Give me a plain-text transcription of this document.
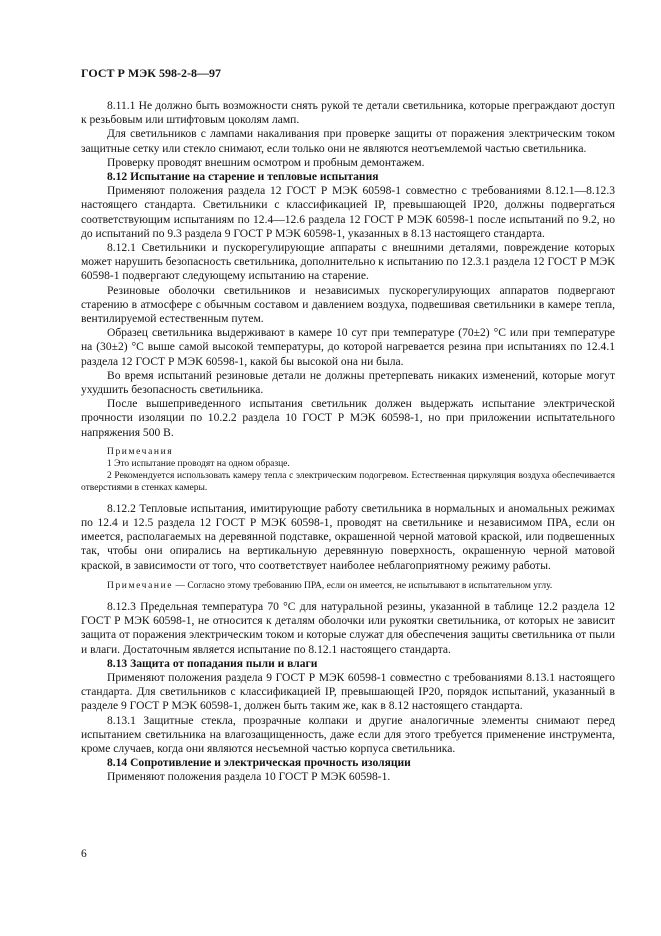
ГОСТ Р МЭК 598-2-8—97

8.11.1 Не должно быть возможности снять рукой те детали светильника, которые преграждают доступ к резьбовым или штифтовым цоколям ламп.

Для светильников с лампами накаливания при проверке защиты от поражения электрическим током защитные сетку или стекло снимают, если только они не являются неотъемлемой частью светильника.

Проверку проводят внешним осмотром и пробным демонтажем.

8.12 Испытание на старение и тепловые испытания

Применяют положения раздела 12 ГОСТ Р МЭК 60598-1 совместно с требованиями 8.12.1—8.12.3 настоящего стандарта. Светильники с классификацией IP, превышающей IP20, должны подвергаться соответствующим испытаниям по 12.4—12.6 раздела 12 ГОСТ Р МЭК 60598-1 после испытаний по 9.2, но до испытаний по 9.3 раздела 9 ГОСТ Р МЭК 60598-1, указанных в 8.13 настоящего стандарта.

8.12.1 Светильники и пускорегулирующие аппараты с внешними деталями, повреждение которых может нарушить безопасность светильника, дополнительно к испытанию по 12.3.1 раздела 12 ГОСТ Р МЭК 60598-1 подвергают следующему испытанию на старение.

Резиновые оболочки светильников и независимых пускорегулирующих аппаратов подвергают старению в атмосфере с обычным составом и давлением воздуха, подвешивая светильники в камере тепла, вентилируемой естественным путем.

Образец светильника выдерживают в камере 10 сут при температуре (70±2) °С или при температуре на (30±2) °С выше самой высокой температуры, до которой нагревается резина при испытаниях по 12.4.1 раздела 12 ГОСТ Р МЭК 60598-1, какой бы высокой она ни была.

Во время испытаний резиновые детали не должны претерпевать никаких изменений, которые могут ухудшить безопасность светильника.

После вышеприведенного испытания светильник должен выдержать испытание электрической прочности изоляции по 10.2.2 раздела 10 ГОСТ Р МЭК 60598-1, но при приложении испытательного напряжения 500 В.

Примечания

1 Это испытание проводят на одном образце.

2 Рекомендуется использовать камеру тепла с электрическим подогревом. Естественная циркуляция воздуха обеспечивается отверстиями в стенках камеры.

8.12.2 Тепловые испытания, имитирующие работу светильника в нормальных и аномальных режимах по 12.4 и 12.5 раздела 12 ГОСТ Р МЭК 60598-1, проводят на светильнике и независимом ПРА, если он имеется, располагаемых на деревянной подставке, окрашенной черной матовой краской, или подвешенных так, чтобы они опирались на вертикальную деревянную поверхность, окрашенную черной матовой краской, в зависимости от того, что соответствует наиболее неблагоприятному режиму работы.

Примечание — Согласно этому требованию ПРА, если он имеется, не испытывают в испытательном углу.

8.12.3 Предельная температура 70 °С для натуральной резины, указанной в таблице 12.2 раздела 12 ГОСТ Р МЭК 60598-1, не относится к деталям оболочки или рукоятки светильника, от которых не зависит защита от поражения электрическим током и которые служат для обеспечения защиты светильника от пыли и влаги. Достаточным является испытание по 8.12.1 настоящего стандарта.

8.13 Защита от попадания пыли и влаги

Применяют положения раздела 9 ГОСТ Р МЭК 60598-1 совместно с требованиями 8.13.1 настоящего стандарта. Для светильников с классификацией IP, превышающей IP20, порядок испытаний, указанный в разделе 9 ГОСТ Р МЭК 60598-1, должен быть таким же, как в 8.12 настоящего стандарта.

8.13.1 Защитные стекла, прозрачные колпаки и другие аналогичные элементы снимают перед испытанием светильника на влагозащищенность, даже если для этого требуется применение инструмента, кроме случаев, когда они являются несъемной частью корпуса светильника.

8.14 Сопротивление и электрическая прочность изоляции

Применяют положения раздела 10 ГОСТ Р МЭК 60598-1.

6
